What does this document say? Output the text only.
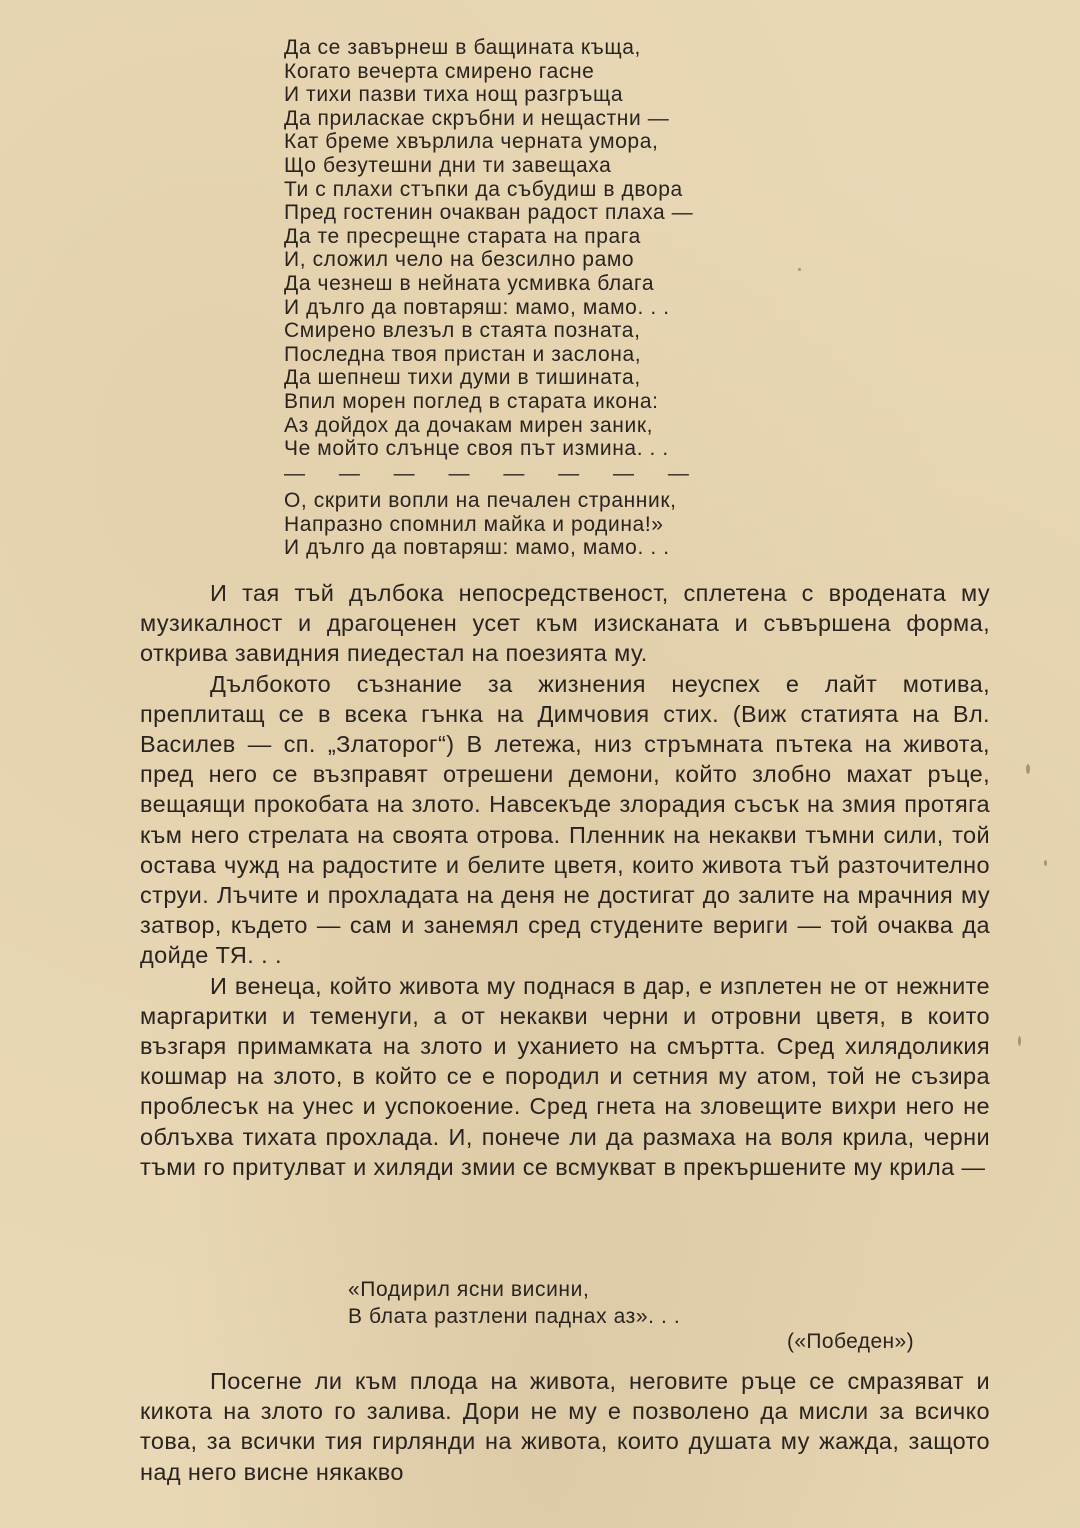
Да се завърнеш в бащината къща,
Когато вечерта смирено гасне
И тихи пазви тиха нощ разгръща
Да приласкае скръбни и нещастни —
Кат бреме хвърлила черната умора,
Що безутешни дни ти завещаха
Ти с плахи стъпки да събудиш в двора
Пред гостенин очакван радост плаха —
Да те пресрещне старата на прага
И, сложил чело на безсилно рамо
Да чезнеш в нейната усмивка блага
И дълго да повтаряш: мамо, мамо. . .
Смирено влезъл в стаята позната,
Последна твоя пристан и заслона,
Да шепнеш тихи думи в тишината,
Впил морен поглед в старата икона:
Аз дойдох да дочакам мирен заник,
Че мойто слънце своя път измина. . .
— — — — — — — —
О, скрити вопли на печален странник,
Напразно спомнил майка и родина!»
И дълго да повтаряш: мамо, мамо. . .

И тая тъй дълбока непосредственост, сплетена с вродената му музикалност и драгоценен усет към изисканата и съвършена форма, открива завидния пиедестал на поезията му.

Дълбокото съзнание за жизнения неуспех е лайт мотива, преплитащ се в всека гънка на Димчовия стих. (Виж статията на Вл. Василев — сп. „Златорог“) В летежа, низ стръмната пътека на живота, пред него се възправят отрешени демони, който злобно махат ръце, вещаящи прокобата на злото. Навсекъде злорадия съсък на змия протяга към него стрелата на своята отрова. Пленник на некакви тъмни сили, той остава чужд на радостите и белите цветя, които живота тъй разточително струи. Лъчите и прохладата на деня не достигат до залите на мрачния му затвор, където — сам и занемял сред студените вериги — той очаква да дойде ТЯ. . .

И венеца, който живота му поднася в дар, е изплетен не от нежните маргаритки и теменуги, а от некакви черни и отровни цветя, в които възгаря примамката на злото и уханието на смъртта. Сред хилядоликия кошмар на злото, в който се е породил и сетния му атом, той не съзира проблесък на унес и успокоение. Сред гнета на зловещите вихри него не облъхва тихата прохлада. И, понече ли да размаха на воля крила, черни тъми го притулват и хиляди змии се всмукват в прекършените му крила —

«Подирил ясни висини,
В блата разтлени паднах аз». . .
(«Победен»)

Посегне ли към плода на живота, неговите ръце се смразяват и кикота на злото го залива. Дори не му е позволено да мисли за всичко това, за всички тия гирлянди на живота, които душата му жажда, защото над него висне някакво
